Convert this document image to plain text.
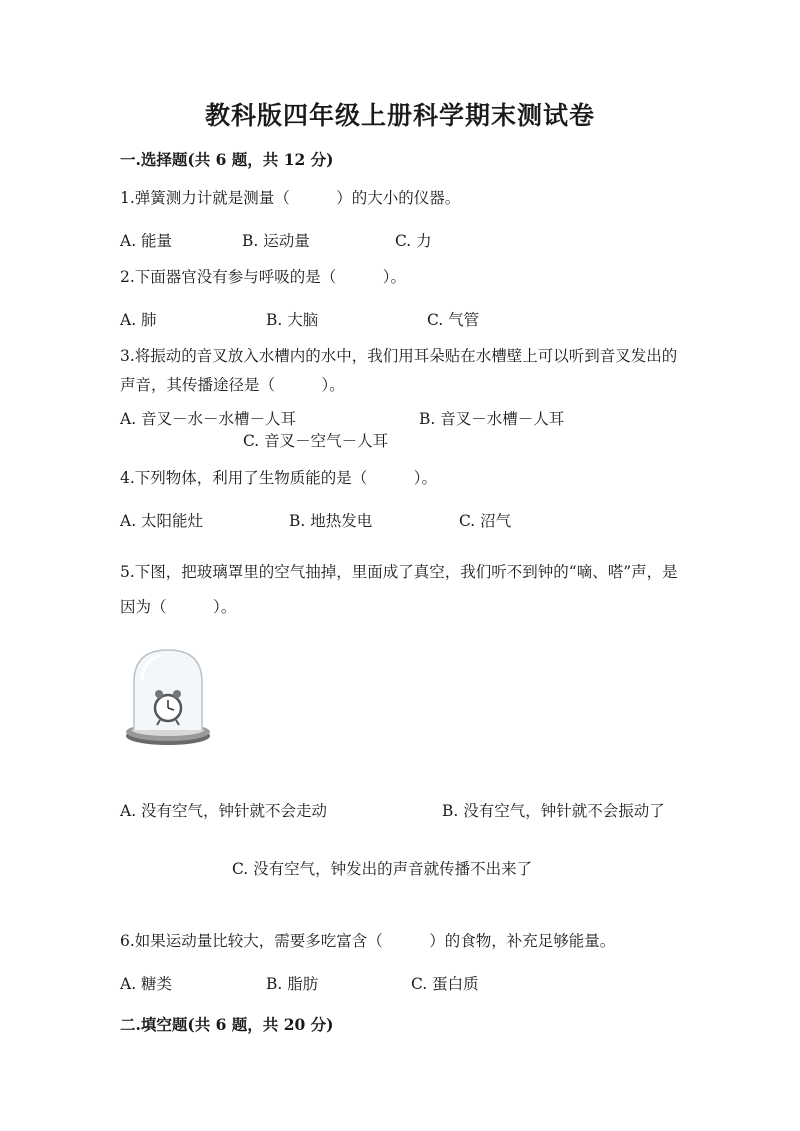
教科版四年级上册科学期末测试卷
一.选择题(共 6 题，共 12 分)
1.弹簧测力计就是测量（　　　）的大小的仪器。
A. 能量	B. 运动量	C. 力
2.下面器官没有参与呼吸的是（　　　）。
A. 肺	B. 大脑	C. 气管
3.将振动的音叉放入水槽内的水中，我们用耳朵贴在水槽壁上可以听到音叉发出的声音，其传播途径是（　　　）。
A. 音叉－水－水槽－人耳	B. 音叉－水槽－人耳
C. 音叉－空气－人耳
4.下列物体，利用了生物质能的是（　　　）。
A. 太阳能灶	B. 地热发电	C. 沼气
5.下图，把玻璃罩里的空气抽掉，里面成了真空，我们听不到钟的“嘀、嗒”声，是因为（　　　）。
A. 没有空气，钟针就不会走动	B. 没有空气，钟针就不会振动了
C. 没有空气，钟发出的声音就传播不出来了
6.如果运动量比较大，需要多吃富含（　　　）的食物，补充足够能量。
A. 糖类	B. 脂肪	C. 蛋白质
二.填空题(共 6 题，共 20 分)
